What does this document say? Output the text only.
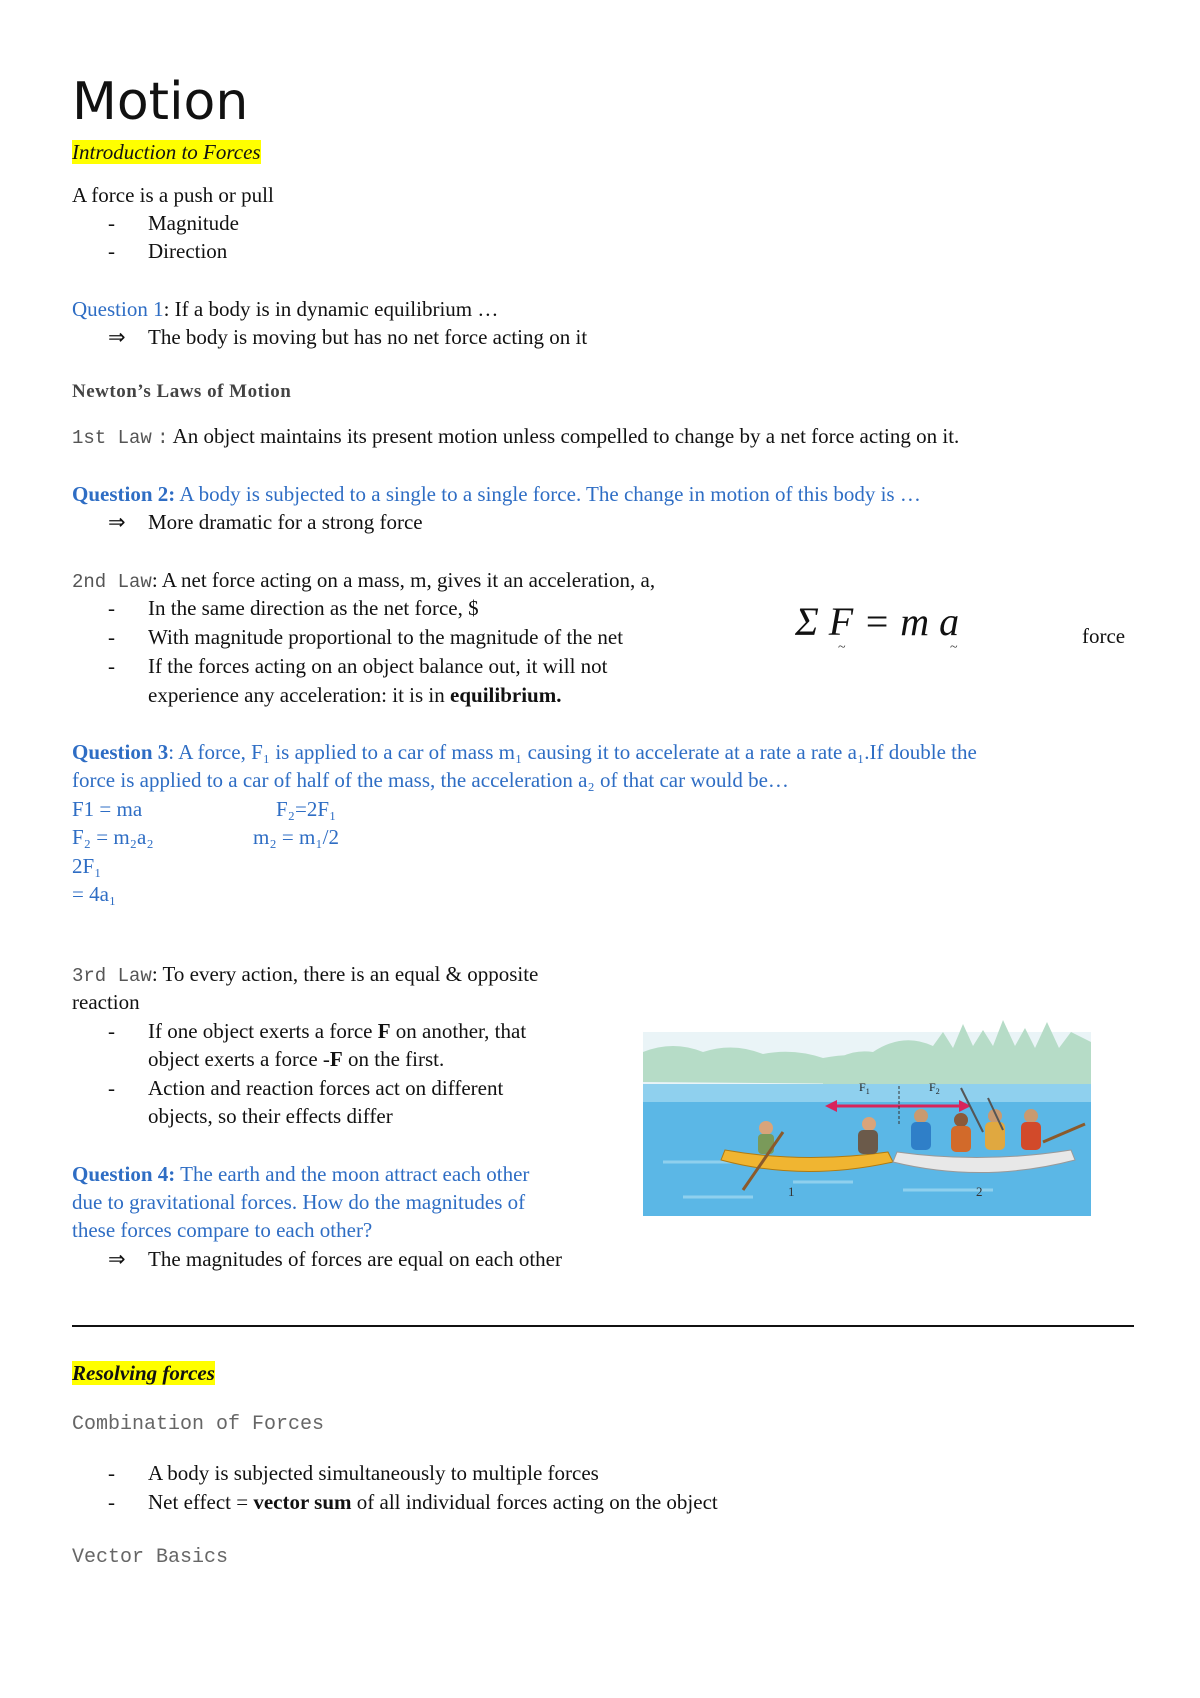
Motion
Introduction to Forces
A force is a push or pull
- Magnitude
- Direction
Question 1: If a body is in dynamic equilibrium …
⇒ The body is moving but has no net force acting on it
Newton’s Laws of Motion
1st Law : An object maintains its present motion unless compelled to change by a net force acting on it.
Question 2: A body is subjected to a single to a single force. The change in motion of this body is …
⇒ More dramatic for a strong force
2nd Law: A net force acting on a mass, m, gives it an acceleration, a,
- In the same direction as the net force, $
- With magnitude proportional to the magnitude of the net
- If the forces acting on an object balance out, it will not
experience any acceleration: it is in equilibrium.
Σ F = m a
~	~	force
Question 3: A force, F₁ is applied to a car of mass m₁ causing it to accelerate at a rate a rate a₁.If double the
force is applied to a car of half of the mass, the acceleration a₂ of that car would be…
F1 = ma	F₂=2F₁
F₂ = m₂a₂	m₂ = m₁/2
2F₁
= 4a₁
3rd Law: To every action, there is an equal & opposite
reaction
- If one object exerts a force F on another, that
object exerts a force -F on the first.
- Action and reaction forces act on different
objects, so their effects differ
Question 4: The earth and the moon attract each other
due to gravitational forces. How do the magnitudes of
these forces compare to each other?
⇒ The magnitudes of forces are equal on each other
$F_1$	$F_2$
1	2
Resolving forces
Combination of Forces
- A body is subjected simultaneously to multiple forces
- Net effect = vector sum of all individual forces acting on the object
Vector Basics
